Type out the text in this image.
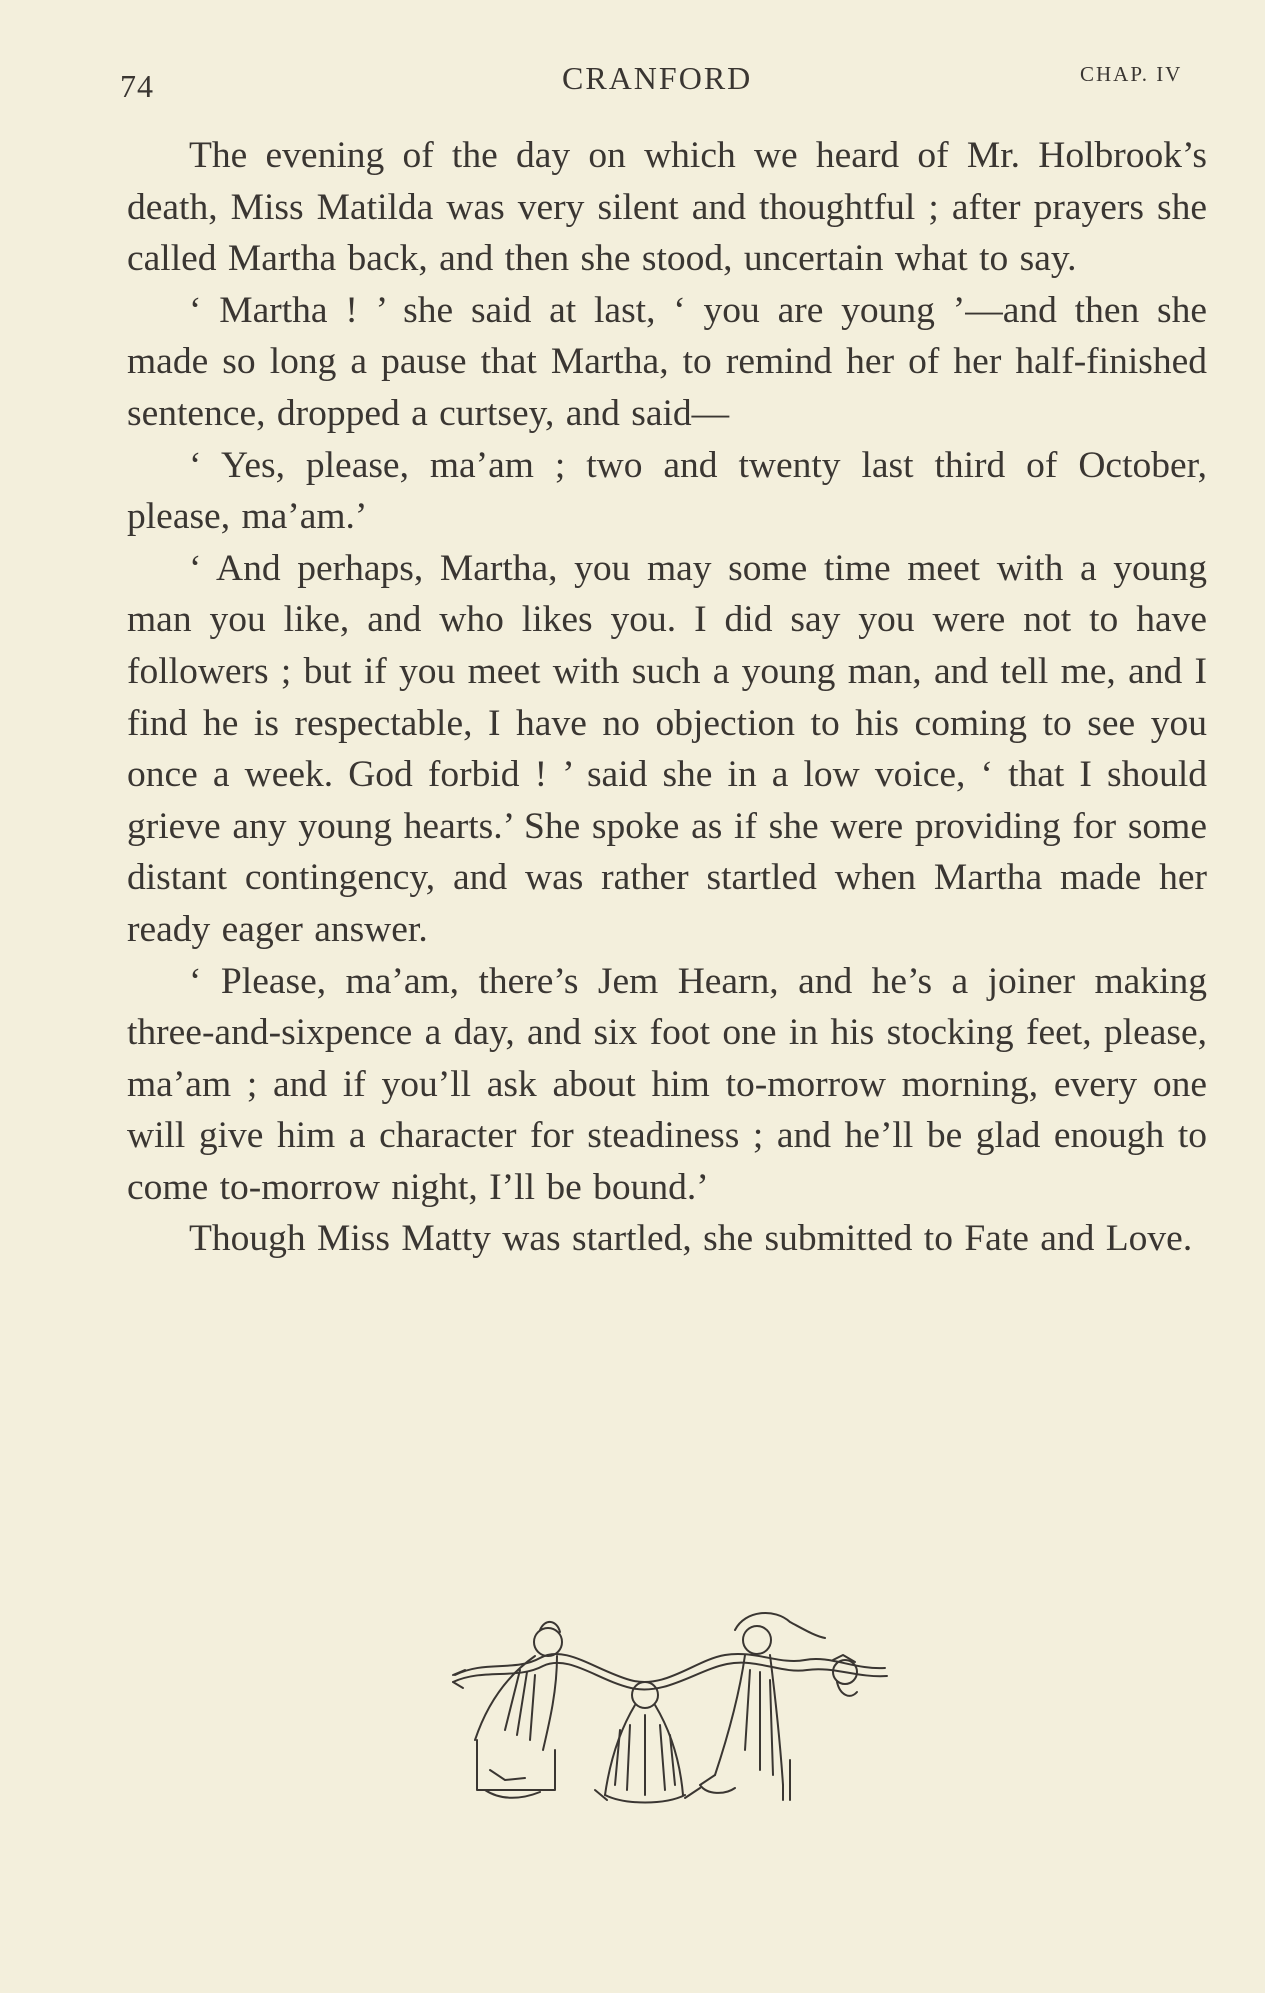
74	CRANFORD	CHAP. IV

The evening of the day on which we heard of Mr. Holbrook’s death, Miss Matilda was very silent and thoughtful ; after prayers she called Martha back, and then she stood, uncertain what to say.

‘ Martha ! ’ she said at last, ‘ you are young ’—and then she made so long a pause that Martha, to remind her of her half-finished sentence, dropped a curtsey, and said—

‘ Yes, please, ma’am ; two and twenty last third of October, please, ma’am.’

‘ And perhaps, Martha, you may some time meet with a young man you like, and who likes you. I did say you were not to have followers ; but if you meet with such a young man, and tell me, and I find he is respectable, I have no objection to his coming to see you once a week. God forbid ! ’ said she in a low voice, ‘ that I should grieve any young hearts.’ She spoke as if she were providing for some distant contingency, and was rather startled when Martha made her ready eager answer.

‘ Please, ma’am, there’s Jem Hearn, and he’s a joiner making three-and-sixpence a day, and six foot one in his stocking feet, please, ma’am ; and if you’ll ask about him to-morrow morning, every one will give him a character for steadiness ; and he’ll be glad enough to come to-morrow night, I’ll be bound.’

Though Miss Matty was startled, she submitted to Fate and Love.
